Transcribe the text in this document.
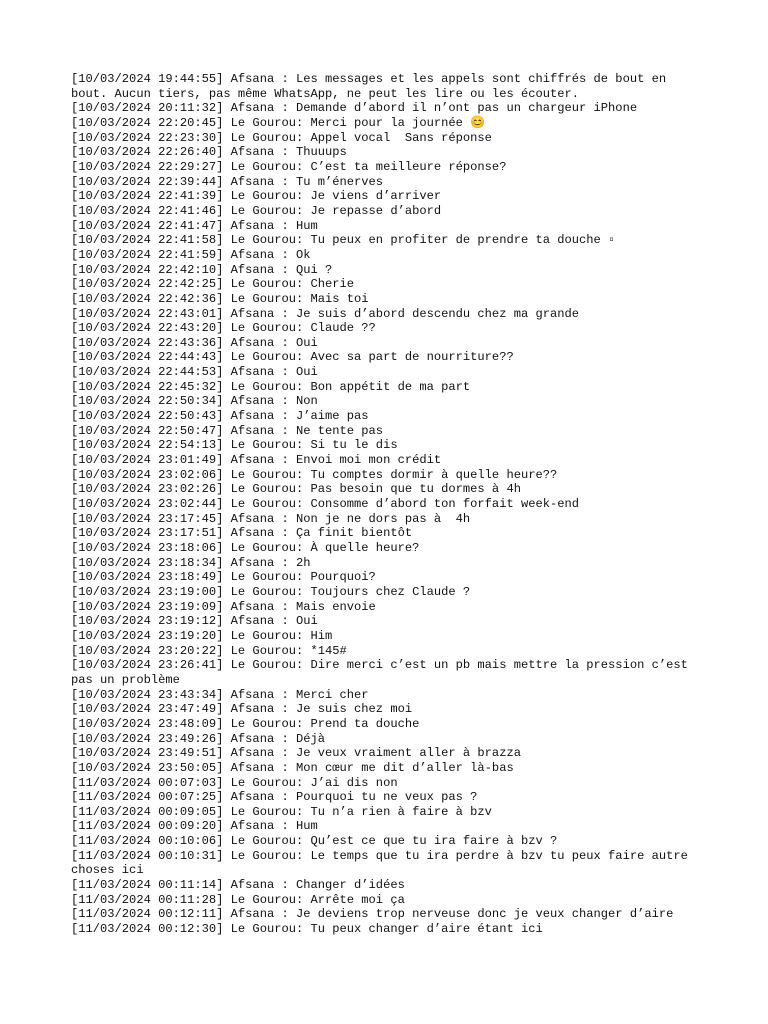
[10/03/2024 19:44:55] Afsana : Les messages et les appels sont chiffrés de bout en bout. Aucun tiers, pas même WhatsApp, ne peut les lire ou les écouter.
[10/03/2024 20:11:32] Afsana : Demande d’abord il n’ont pas un chargeur iPhone
[10/03/2024 22:20:45] Le Gourou: Merci pour la journée 😊
[10/03/2024 22:23:30] Le Gourou: Appel vocal  Sans réponse
[10/03/2024 22:26:40] Afsana : Thuuups
[10/03/2024 22:29:27] Le Gourou: C’est ta meilleure réponse?
[10/03/2024 22:39:44] Afsana : Tu m’énerves
[10/03/2024 22:41:39] Le Gourou: Je viens d’arriver
[10/03/2024 22:41:46] Le Gourou: Je repasse d’abord
[10/03/2024 22:41:47] Afsana : Hum
[10/03/2024 22:41:58] Le Gourou: Tu peux en profiter de prendre ta douche ▫
[10/03/2024 22:41:59] Afsana : Ok
[10/03/2024 22:42:10] Afsana : Qui ?
[10/03/2024 22:42:25] Le Gourou: Cherie
[10/03/2024 22:42:36] Le Gourou: Mais toi
[10/03/2024 22:43:01] Afsana : Je suis d’abord descendu chez ma grande
[10/03/2024 22:43:20] Le Gourou: Claude ??
[10/03/2024 22:43:36] Afsana : Oui
[10/03/2024 22:44:43] Le Gourou: Avec sa part de nourriture??
[10/03/2024 22:44:53] Afsana : Oui
[10/03/2024 22:45:32] Le Gourou: Bon appétit de ma part
[10/03/2024 22:50:34] Afsana : Non
[10/03/2024 22:50:43] Afsana : J’aime pas
[10/03/2024 22:50:47] Afsana : Ne tente pas
[10/03/2024 22:54:13] Le Gourou: Si tu le dis
[10/03/2024 23:01:49] Afsana : Envoi moi mon crédit
[10/03/2024 23:02:06] Le Gourou: Tu comptes dormir à quelle heure??
[10/03/2024 23:02:26] Le Gourou: Pas besoin que tu dormes à 4h
[10/03/2024 23:02:44] Le Gourou: Consomme d’abord ton forfait week-end
[10/03/2024 23:17:45] Afsana : Non je ne dors pas à  4h
[10/03/2024 23:17:51] Afsana : Ça finit bientôt
[10/03/2024 23:18:06] Le Gourou: À quelle heure?
[10/03/2024 23:18:34] Afsana : 2h
[10/03/2024 23:18:49] Le Gourou: Pourquoi?
[10/03/2024 23:19:00] Le Gourou: Toujours chez Claude ?
[10/03/2024 23:19:09] Afsana : Mais envoie
[10/03/2024 23:19:12] Afsana : Oui
[10/03/2024 23:19:20] Le Gourou: Him
[10/03/2024 23:20:22] Le Gourou: *145#
[10/03/2024 23:26:41] Le Gourou: Dire merci c’est un pb mais mettre la pression c’est pas un problème
[10/03/2024 23:43:34] Afsana : Merci cher
[10/03/2024 23:47:49] Afsana : Je suis chez moi
[10/03/2024 23:48:09] Le Gourou: Prend ta douche
[10/03/2024 23:49:26] Afsana : Déjà
[10/03/2024 23:49:51] Afsana : Je veux vraiment aller à brazza
[10/03/2024 23:50:05] Afsana : Mon cœur me dit d’aller là-bas
[11/03/2024 00:07:03] Le Gourou: J’ai dis non
[11/03/2024 00:07:25] Afsana : Pourquoi tu ne veux pas ?
[11/03/2024 00:09:05] Le Gourou: Tu n’a rien à faire à bzv
[11/03/2024 00:09:20] Afsana : Hum
[11/03/2024 00:10:06] Le Gourou: Qu’est ce que tu ira faire à bzv ?
[11/03/2024 00:10:31] Le Gourou: Le temps que tu ira perdre à bzv tu peux faire autre choses ici
[11/03/2024 00:11:14] Afsana : Changer d’idées
[11/03/2024 00:11:28] Le Gourou: Arrête moi ça
[11/03/2024 00:12:11] Afsana : Je deviens trop nerveuse donc je veux changer d’aire
[11/03/2024 00:12:30] Le Gourou: Tu peux changer d’aire étant ici
